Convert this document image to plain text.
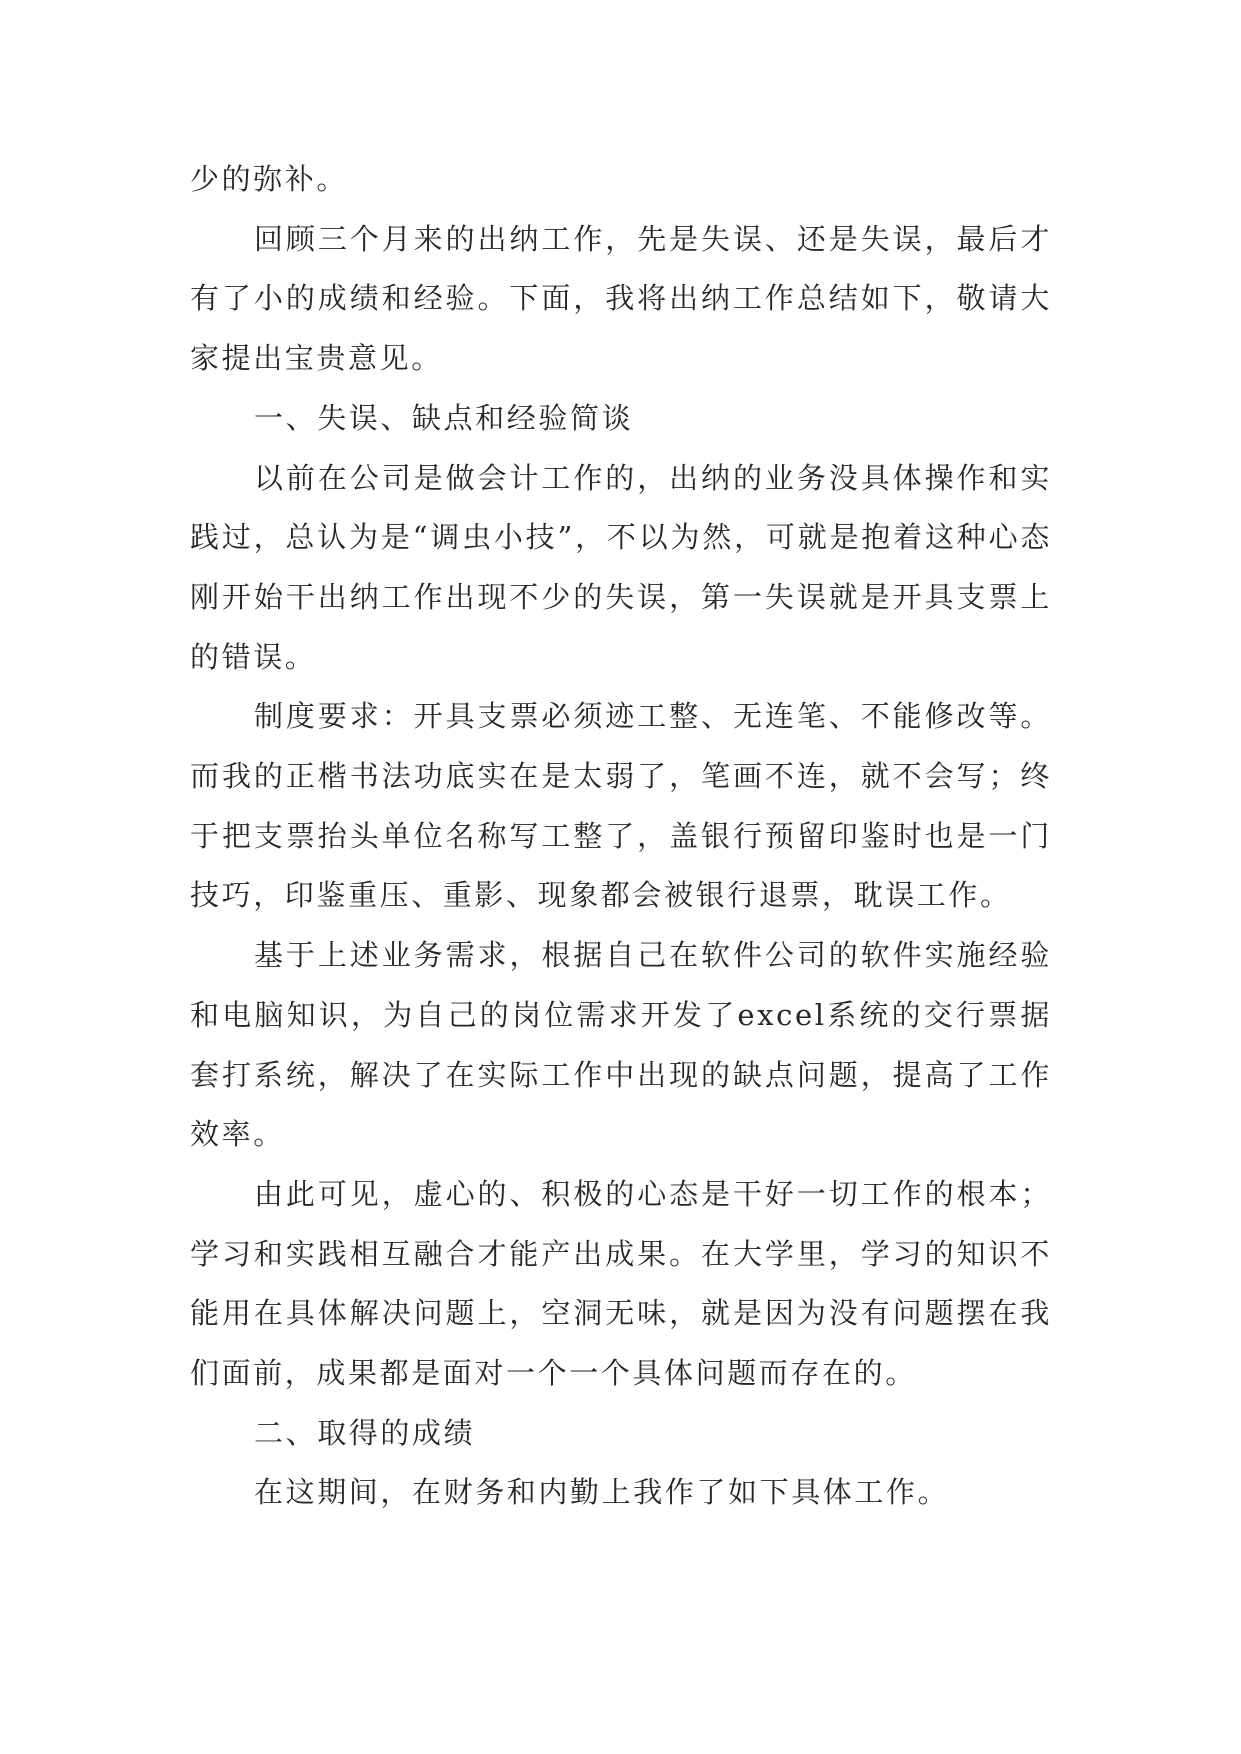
少的弥补。

回顾三个月来的出纳工作，先是失误、还是失误，最后才有了小的成绩和经验。下面，我将出纳工作总结如下，敬请大家提出宝贵意见。

一、失误、缺点和经验简谈

以前在公司是做会计工作的，出纳的业务没具体操作和实践过，总认为是“调虫小技”，不以为然，可就是抱着这种心态刚开始干出纳工作出现不少的失误，第一失误就是开具支票上的错误。

制度要求：开具支票必须迹工整、无连笔、不能修改等。而我的正楷书法功底实在是太弱了，笔画不连，就不会写；终于把支票抬头单位名称写工整了，盖银行预留印鉴时也是一门技巧，印鉴重压、重影、现象都会被银行退票，耽误工作。

基于上述业务需求，根据自己在软件公司的软件实施经验和电脑知识，为自己的岗位需求开发了excel系统的交行票据套打系统，解决了在实际工作中出现的缺点问题，提高了工作效率。

由此可见，虚心的、积极的心态是干好一切工作的根本；学习和实践相互融合才能产出成果。在大学里，学习的知识不能用在具体解决问题上，空洞无味，就是因为没有问题摆在我们面前，成果都是面对一个一个具体问题而存在的。

二、取得的成绩

在这期间，在财务和内勤上我作了如下具体工作。
